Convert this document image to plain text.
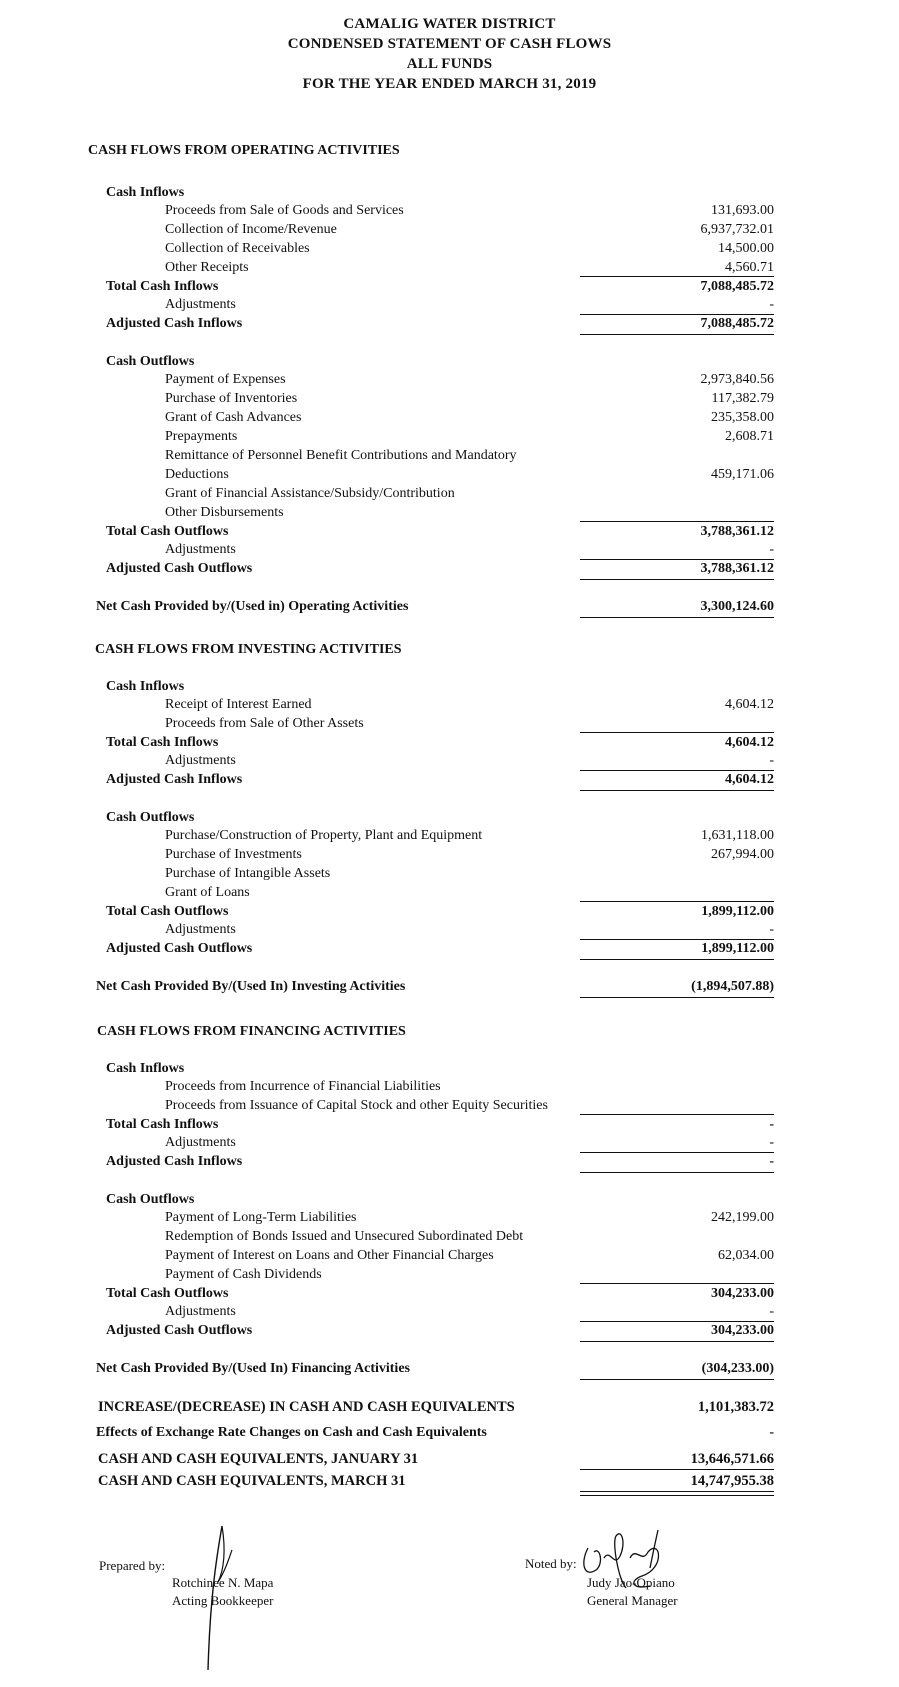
CAMALIG WATER DISTRICT
CONDENSED STATEMENT OF CASH FLOWS
ALL FUNDS
FOR THE YEAR ENDED MARCH 31, 2019
CASH FLOWS FROM OPERATING ACTIVITIES
Cash Inflows
Proceeds from Sale of Goods and Services	131,693.00
Collection of Income/Revenue	6,937,732.01
Collection of Receivables	14,500.00
Other Receipts	4,560.71
Total Cash Inflows	7,088,485.72
Adjustments	-
Adjusted Cash Inflows	7,088,485.72
Cash Outflows
Payment of Expenses	2,973,840.56
Purchase of Inventories	117,382.79
Grant of Cash Advances	235,358.00
Prepayments	2,608.71
Remittance of Personnel Benefit Contributions and Mandatory
Deductions	459,171.06
Grant of Financial Assistance/Subsidy/Contribution
Other Disbursements
Total Cash Outflows	3,788,361.12
Adjustments	-
Adjusted Cash Outflows	3,788,361.12
Net Cash Provided by/(Used in) Operating Activities	3,300,124.60
CASH FLOWS FROM INVESTING ACTIVITIES
Cash Inflows
Receipt of Interest Earned	4,604.12
Proceeds from Sale of Other Assets
Total Cash Inflows	4,604.12
Adjustments	-
Adjusted Cash Inflows	4,604.12
Cash Outflows
Purchase/Construction of Property, Plant and Equipment	1,631,118.00
Purchase of Investments	267,994.00
Purchase of Intangible Assets
Grant of Loans
Total Cash Outflows	1,899,112.00
Adjustments	-
Adjusted Cash Outflows	1,899,112.00
Net Cash Provided By/(Used In) Investing Activities	(1,894,507.88)
CASH FLOWS FROM FINANCING ACTIVITIES
Cash Inflows
Proceeds from Incurrence of Financial Liabilities
Proceeds from Issuance of Capital Stock and other Equity Securities
Total Cash Inflows	-
Adjustments	-
Adjusted Cash Inflows	-
Cash Outflows
Payment of Long-Term Liabilities	242,199.00
Redemption of Bonds Issued and Unsecured Subordinated Debt
Payment of Interest on Loans and Other Financial Charges	62,034.00
Payment of Cash Dividends
Total Cash Outflows	304,233.00
Adjustments	-
Adjusted Cash Outflows	304,233.00
Net Cash Provided By/(Used In) Financing Activities	(304,233.00)
INCREASE/(DECREASE) IN CASH AND CASH EQUIVALENTS	1,101,383.72
Effects of Exchange Rate Changes on Cash and Cash Equivalents	-
CASH AND CASH EQUIVALENTS, JANUARY 31	13,646,571.66
CASH AND CASH EQUIVALENTS, MARCH 31	14,747,955.38
Prepared by:
Rotchinee N. Mapa
Acting Bookkeeper
Noted by:
Judy Jao-Opiano
General Manager
